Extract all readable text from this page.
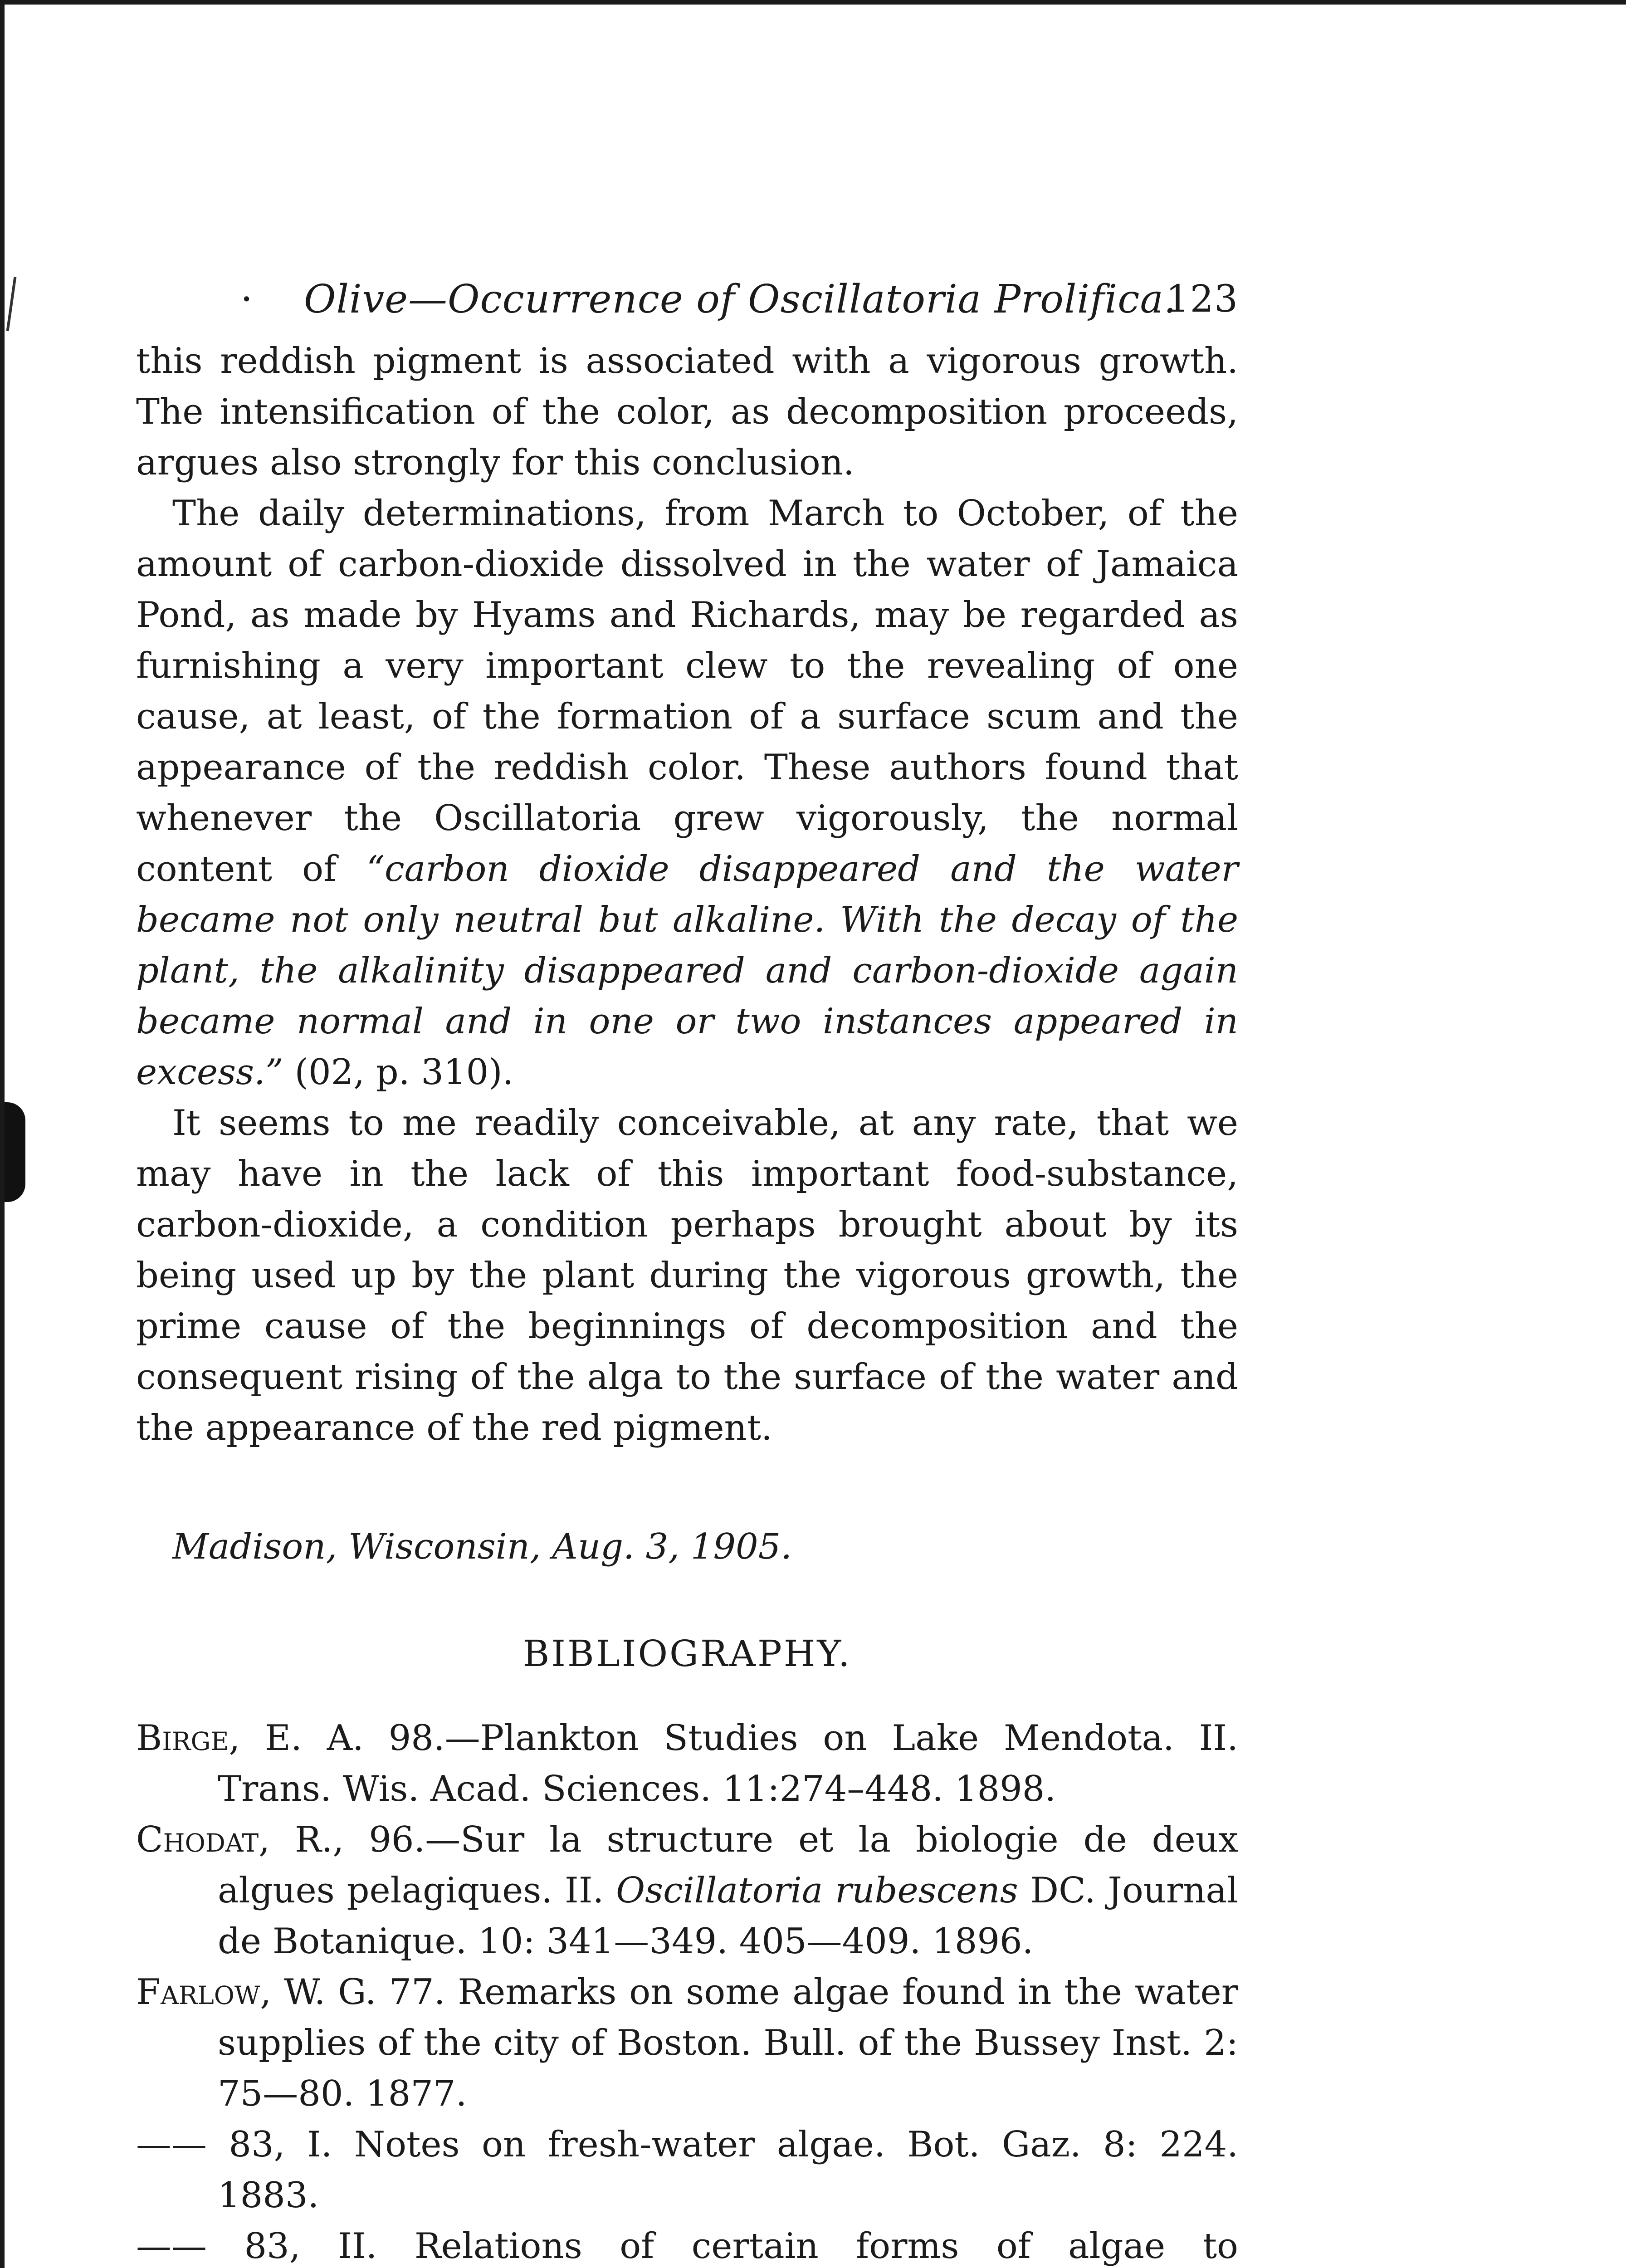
· Olive—Occurrence of Oscillatoria Prolifica.
123

this reddish pigment is associated with a vigorous growth. The intensification of the color, as decomposition proceeds, argues also strongly for this conclusion.

The daily determinations, from March to October, of the amount of carbon-dioxide dissolved in the water of Jamaica Pond, as made by Hyams and Richards, may be regarded as furnishing a very important clew to the revealing of one cause, at least, of the formation of a surface scum and the appearance of the reddish color. These authors found that whenever the Oscillatoria grew vigorously, the normal content of “carbon dioxide disappeared and the water became not only neutral but alkaline. With the decay of the plant, the alkalinity disappeared and carbon-dioxide again became normal and in one or two instances appeared in excess.” (02, p. 310).

It seems to me readily conceivable, at any rate, that we may have in the lack of this important food-substance, carbon-dioxide, a condition perhaps brought about by its being used up by the plant during the vigorous growth, the prime cause of the beginnings of decomposition and the consequent rising of the alga to the surface of the water and the appearance of the red pigment.

Madison, Wisconsin, Aug. 3, 1905.
BIBLIOGRAPHY.

Birge, E. A. 98.—Plankton Studies on Lake Mendota. II. Trans. Wis. Acad. Sciences. 11:274–448. 1898.

Chodat, R., 96.—Sur la structure et la biologie de deux algues pelagiques. II. Oscillatoria rubescens DC. Journal de Botanique. 10: 341—349. 405—409. 1896.

Farlow, W. G. 77. Remarks on some algae found in the water supplies of the city of Boston. Bull. of the Bussey Inst. 2: 75—80. 1877.

—— 83, I. Notes on fresh-water algae. Bot. Gaz. 8: 224. 1883.

—— 83, II. Relations of certain forms of algae to
